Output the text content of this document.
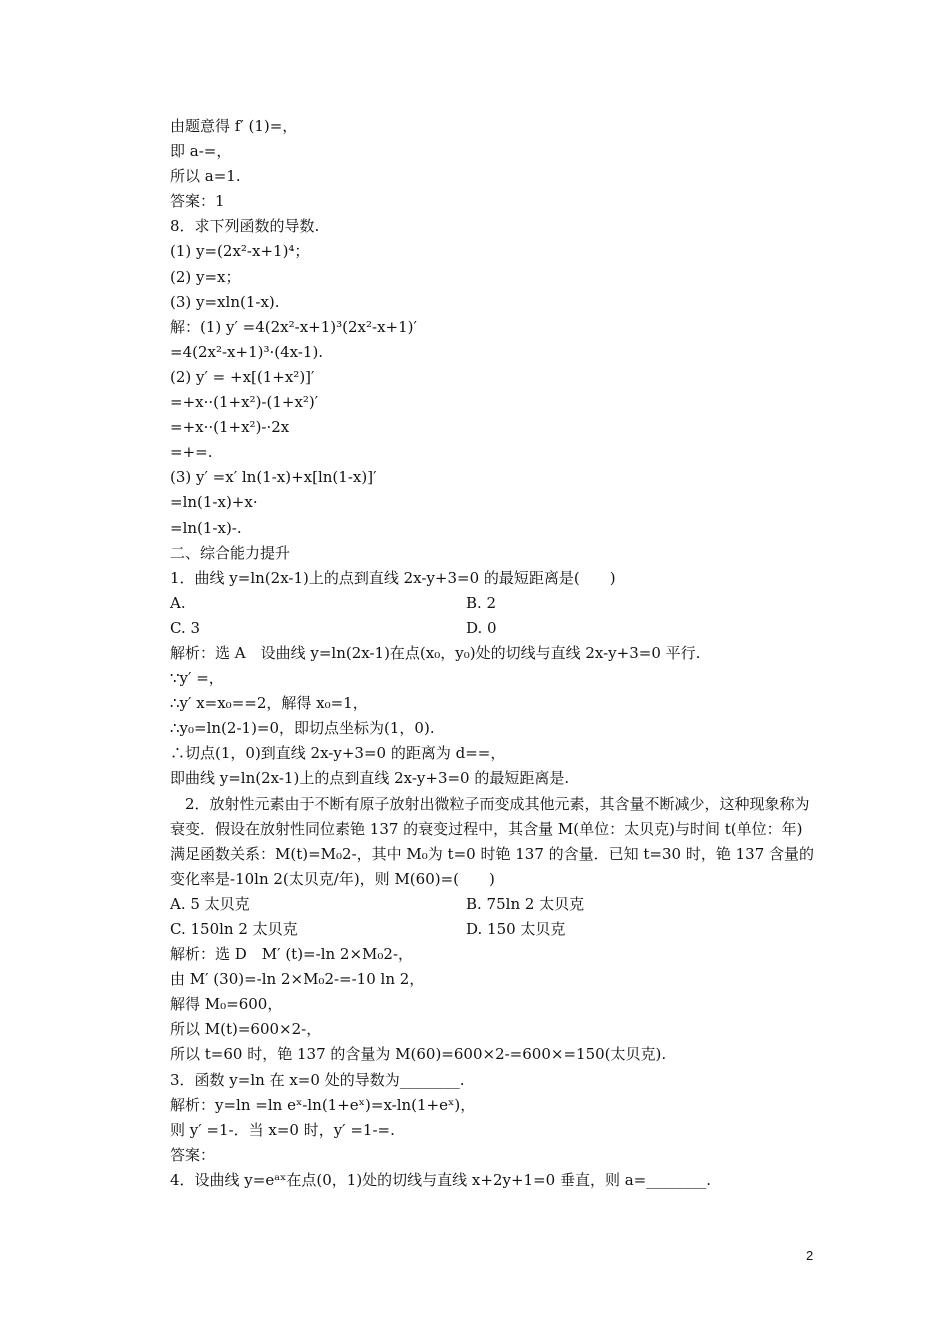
由题意得 f′ (1)=，
即 a-=，
所以 a=1.
答案：1
8．求下列函数的导数.
(1) y=(2x²-x+1)⁴；
(2) y=x；
(3) y=xln(1-x).
解：(1) y′ =4(2x²-x+1)³(2x²-x+1)′
=4(2x²-x+1)³·(4x-1).
(2) y′ = +x[(1+x²)]′
=+x··(1+x²)-(1+x²)′
=+x··(1+x²)-·2x
=+=.
(3) y′ =x′ ln(1-x)+x[ln(1-x)]′
=ln(1-x)+x·
=ln(1-x)-.
二、综合能力提升
1．曲线 y=ln(2x-1)上的点到直线 2x-y+3=0 的最短距离是(　　)
A.	B. 2
C. 3	D. 0
解析：选 A　设曲线 y=ln(2x-1)在点(x₀，y₀)处的切线与直线 2x-y+3=0 平行.
∵y′ =，
∴y′ x=x₀==2，解得 x₀=1，
∴y₀=ln(2-1)=0，即切点坐标为(1，0).
∴切点(1，0)到直线 2x-y+3=0 的距离为 d==，
即曲线 y=ln(2x-1)上的点到直线 2x-y+3=0 的最短距离是.
　2．放射性元素由于不断有原子放射出微粒子而变成其他元素，其含量不断减少，这种现象称为衰变．假设在放射性同位素铯 137 的衰变过程中，其含量 M(单位：太贝克)与时间 t(单位：年)满足函数关系：M(t)=M₀2-，其中 M₀为 t=0 时铯 137 的含量．已知 t=30 时，铯 137 含量的变化率是-10ln 2(太贝克/年)，则 M(60)=(　　)
A. 5 太贝克	B. 75ln 2 太贝克
C. 150ln 2 太贝克	D. 150 太贝克
解析：选 D　M′ (t)=-ln 2×M₀2-，
由 M′ (30)=-ln 2×M₀2-=-10 ln 2，
解得 M₀=600，
所以 M(t)=600×2-，
所以 t=60 时，铯 137 的含量为 M(60)=600×2-=600×=150(太贝克).
3．函数 y=ln 在 x=0 处的导数为________.
解析：y=ln =ln eˣ-ln(1+eˣ)=x-ln(1+eˣ)，
则 y′ =1-．当 x=0 时，y′ =1-=.
答案：
4．设曲线 y=eᵃˣ在点(0，1)处的切线与直线 x+2y+1=0 垂直，则 a=________.
2
